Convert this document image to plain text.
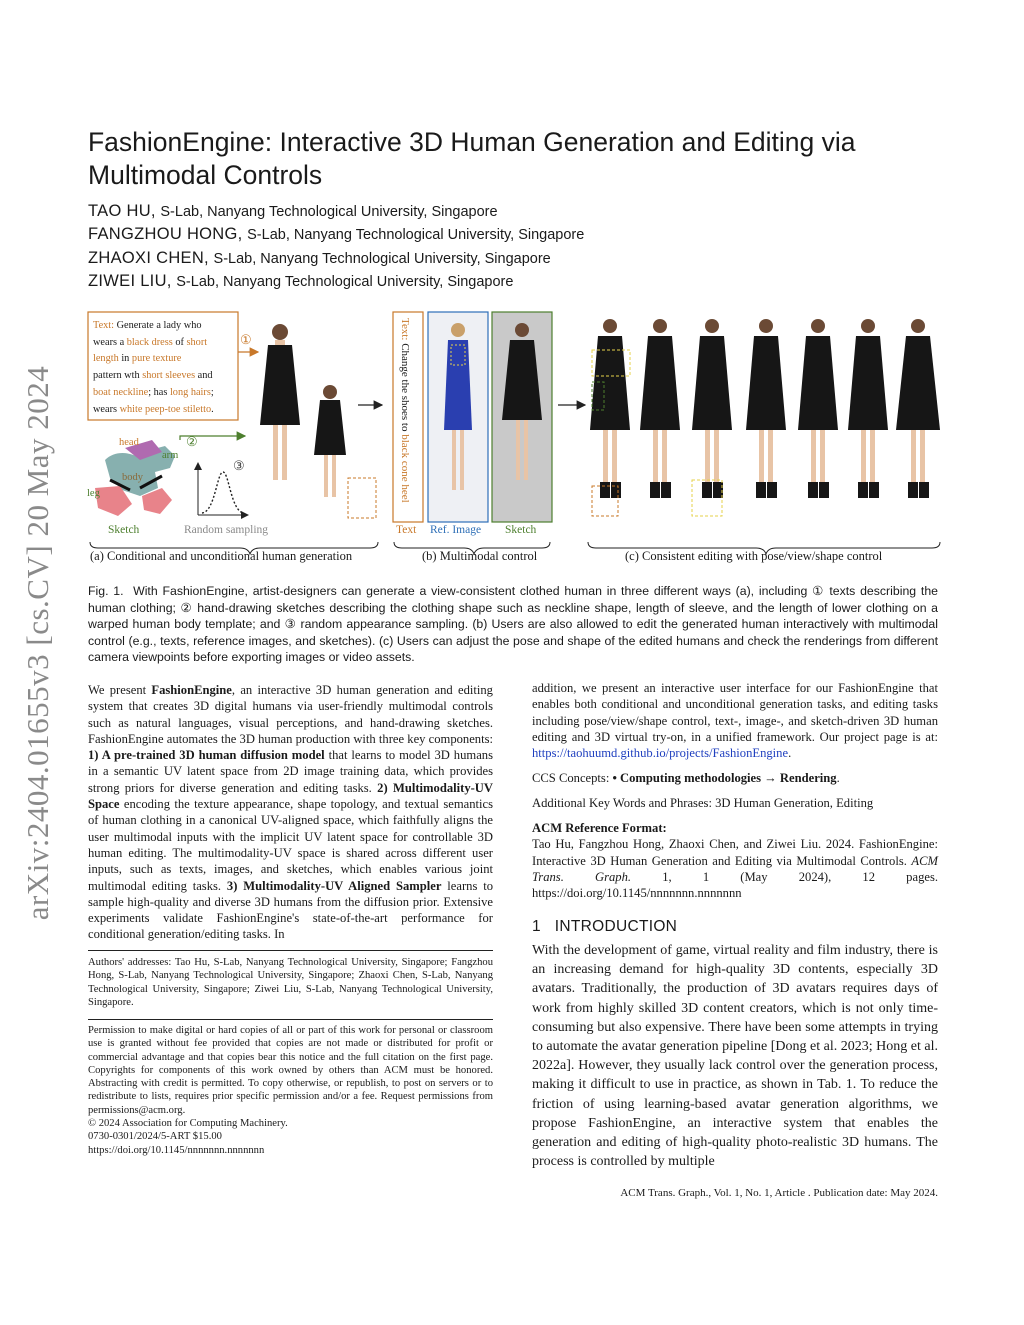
arXiv:2404.01655v3 [cs.CV] 20 May 2024
FashionEngine: Interactive 3D Human Generation and Editing via Multimodal Controls
TAO HU, S-Lab, Nanyang Technological University, Singapore
FANGZHOU HONG, S-Lab, Nanyang Technological University, Singapore
ZHAOXI CHEN, S-Lab, Nanyang Technological University, Singapore
ZIWEI LIU, S-Lab, Nanyang Technological University, Singapore
Text: Generate a lady who
wears a black dress of short
length in pure texture
pattern wth short sleeves and
boat neckline; has long hairs;
wears white peep-toe stiletto.
①
②
③
head
arm
body
leg
Sketch	Random sampling
Text: Change the shoes to black cone heel
Text Ref. Image Sketch
(a) Conditional and unconditional human generation	(b) Multimodal control	(c) Consistent editing with pose/view/shape control
Fig. 1. With FashionEngine, artist-designers can generate a view-consistent clothed human in three different ways (a), including ① texts describing the human clothing; ② hand-drawing sketches describing the clothing shape such as neckline shape, length of sleeve, and the length of lower clothing on a warped human body template; and ③ random appearance sampling. (b) Users are also allowed to edit the generated human interactively with multimodal control (e.g., texts, reference images, and sketches). (c) Users can adjust the pose and shape of the edited humans and check the renderings from different camera viewpoints before exporting images or video assets.
We present FashionEngine, an interactive 3D human generation and editing system that creates 3D digital humans via user-friendly multimodal controls such as natural languages, visual perceptions, and hand-drawing sketches. FashionEngine automates the 3D human production with three key components: 1) A pre-trained 3D human diffusion model that learns to model 3D humans in a semantic UV latent space from 2D image training data, which provides strong priors for diverse generation and editing tasks. 2) Multimodality-UV Space encoding the texture appearance, shape topology, and textual semantics of human clothing in a canonical UV-aligned space, which faithfully aligns the user multimodal inputs with the implicit UV latent space for controllable 3D human editing. The multimodality-UV space is shared across different user inputs, such as texts, images, and sketches, which enables various joint multimodal editing tasks. 3) Multimodality-UV Aligned Sampler learns to sample high-quality and diverse 3D humans from the diffusion prior. Extensive experiments validate FashionEngine's state-of-the-art performance for conditional generation/editing tasks. In
Authors' addresses: Tao Hu, S-Lab, Nanyang Technological University, Singapore; Fangzhou Hong, S-Lab, Nanyang Technological University, Singapore; Zhaoxi Chen, S-Lab, Nanyang Technological University, Singapore; Ziwei Liu, S-Lab, Nanyang Technological University, Singapore.

Permission to make digital or hard copies of all or part of this work for personal or classroom use is granted without fee provided that copies are not made or distributed for profit or commercial advantage and that copies bear this notice and the full citation on the first page. Copyrights for components of this work owned by others than ACM must be honored. Abstracting with credit is permitted. To copy otherwise, or republish, to post on servers or to redistribute to lists, requires prior specific permission and/or a fee. Request permissions from permissions@acm.org.

© 2024 Association for Computing Machinery.

0730-0301/2024/5-ART $15.00

https://doi.org/10.1145/nnnnnnn.nnnnnnn

addition, we present an interactive user interface for our FashionEngine that enables both conditional and unconditional generation tasks, and editing tasks including pose/view/shape control, text-, image-, and sketch-driven 3D human editing and 3D virtual try-on, in a unified framework. Our project page is at: https://taohuumd.github.io/projects/FashionEngine.
CCS Concepts: • Computing methodologies → Rendering.
Additional Key Words and Phrases: 3D Human Generation, Editing

ACM Reference Format:

Tao Hu, Fangzhou Hong, Zhaoxi Chen, and Ziwei Liu. 2024. FashionEngine: Interactive 3D Human Generation and Editing via Multimodal Controls. ACM Trans. Graph. 1, 1 (May 2024), 12 pages. https://doi.org/10.1145/nnnnnnn.nnnnnnn

1 INTRODUCTION
With the development of game, virtual reality and film industry, there is an increasing demand for high-quality 3D contents, especially 3D avatars. Traditionally, the production of 3D avatars requires days of work from highly skilled 3D content creators, which is not only time-consuming but also expensive. There have been some attempts in trying to automate the avatar generation pipeline [Dong et al. 2023; Hong et al. 2022a]. However, they usually lack control over the generation process, making it difficult to use in practice, as shown in Tab. 1. To reduce the friction of using learning-based avatar generation algorithms, we propose FashionEngine, an interactive system that enables the generation and editing of high-quality photo-realistic 3D humans. The process is controlled by multiple
ACM Trans. Graph., Vol. 1, No. 1, Article . Publication date: May 2024.
